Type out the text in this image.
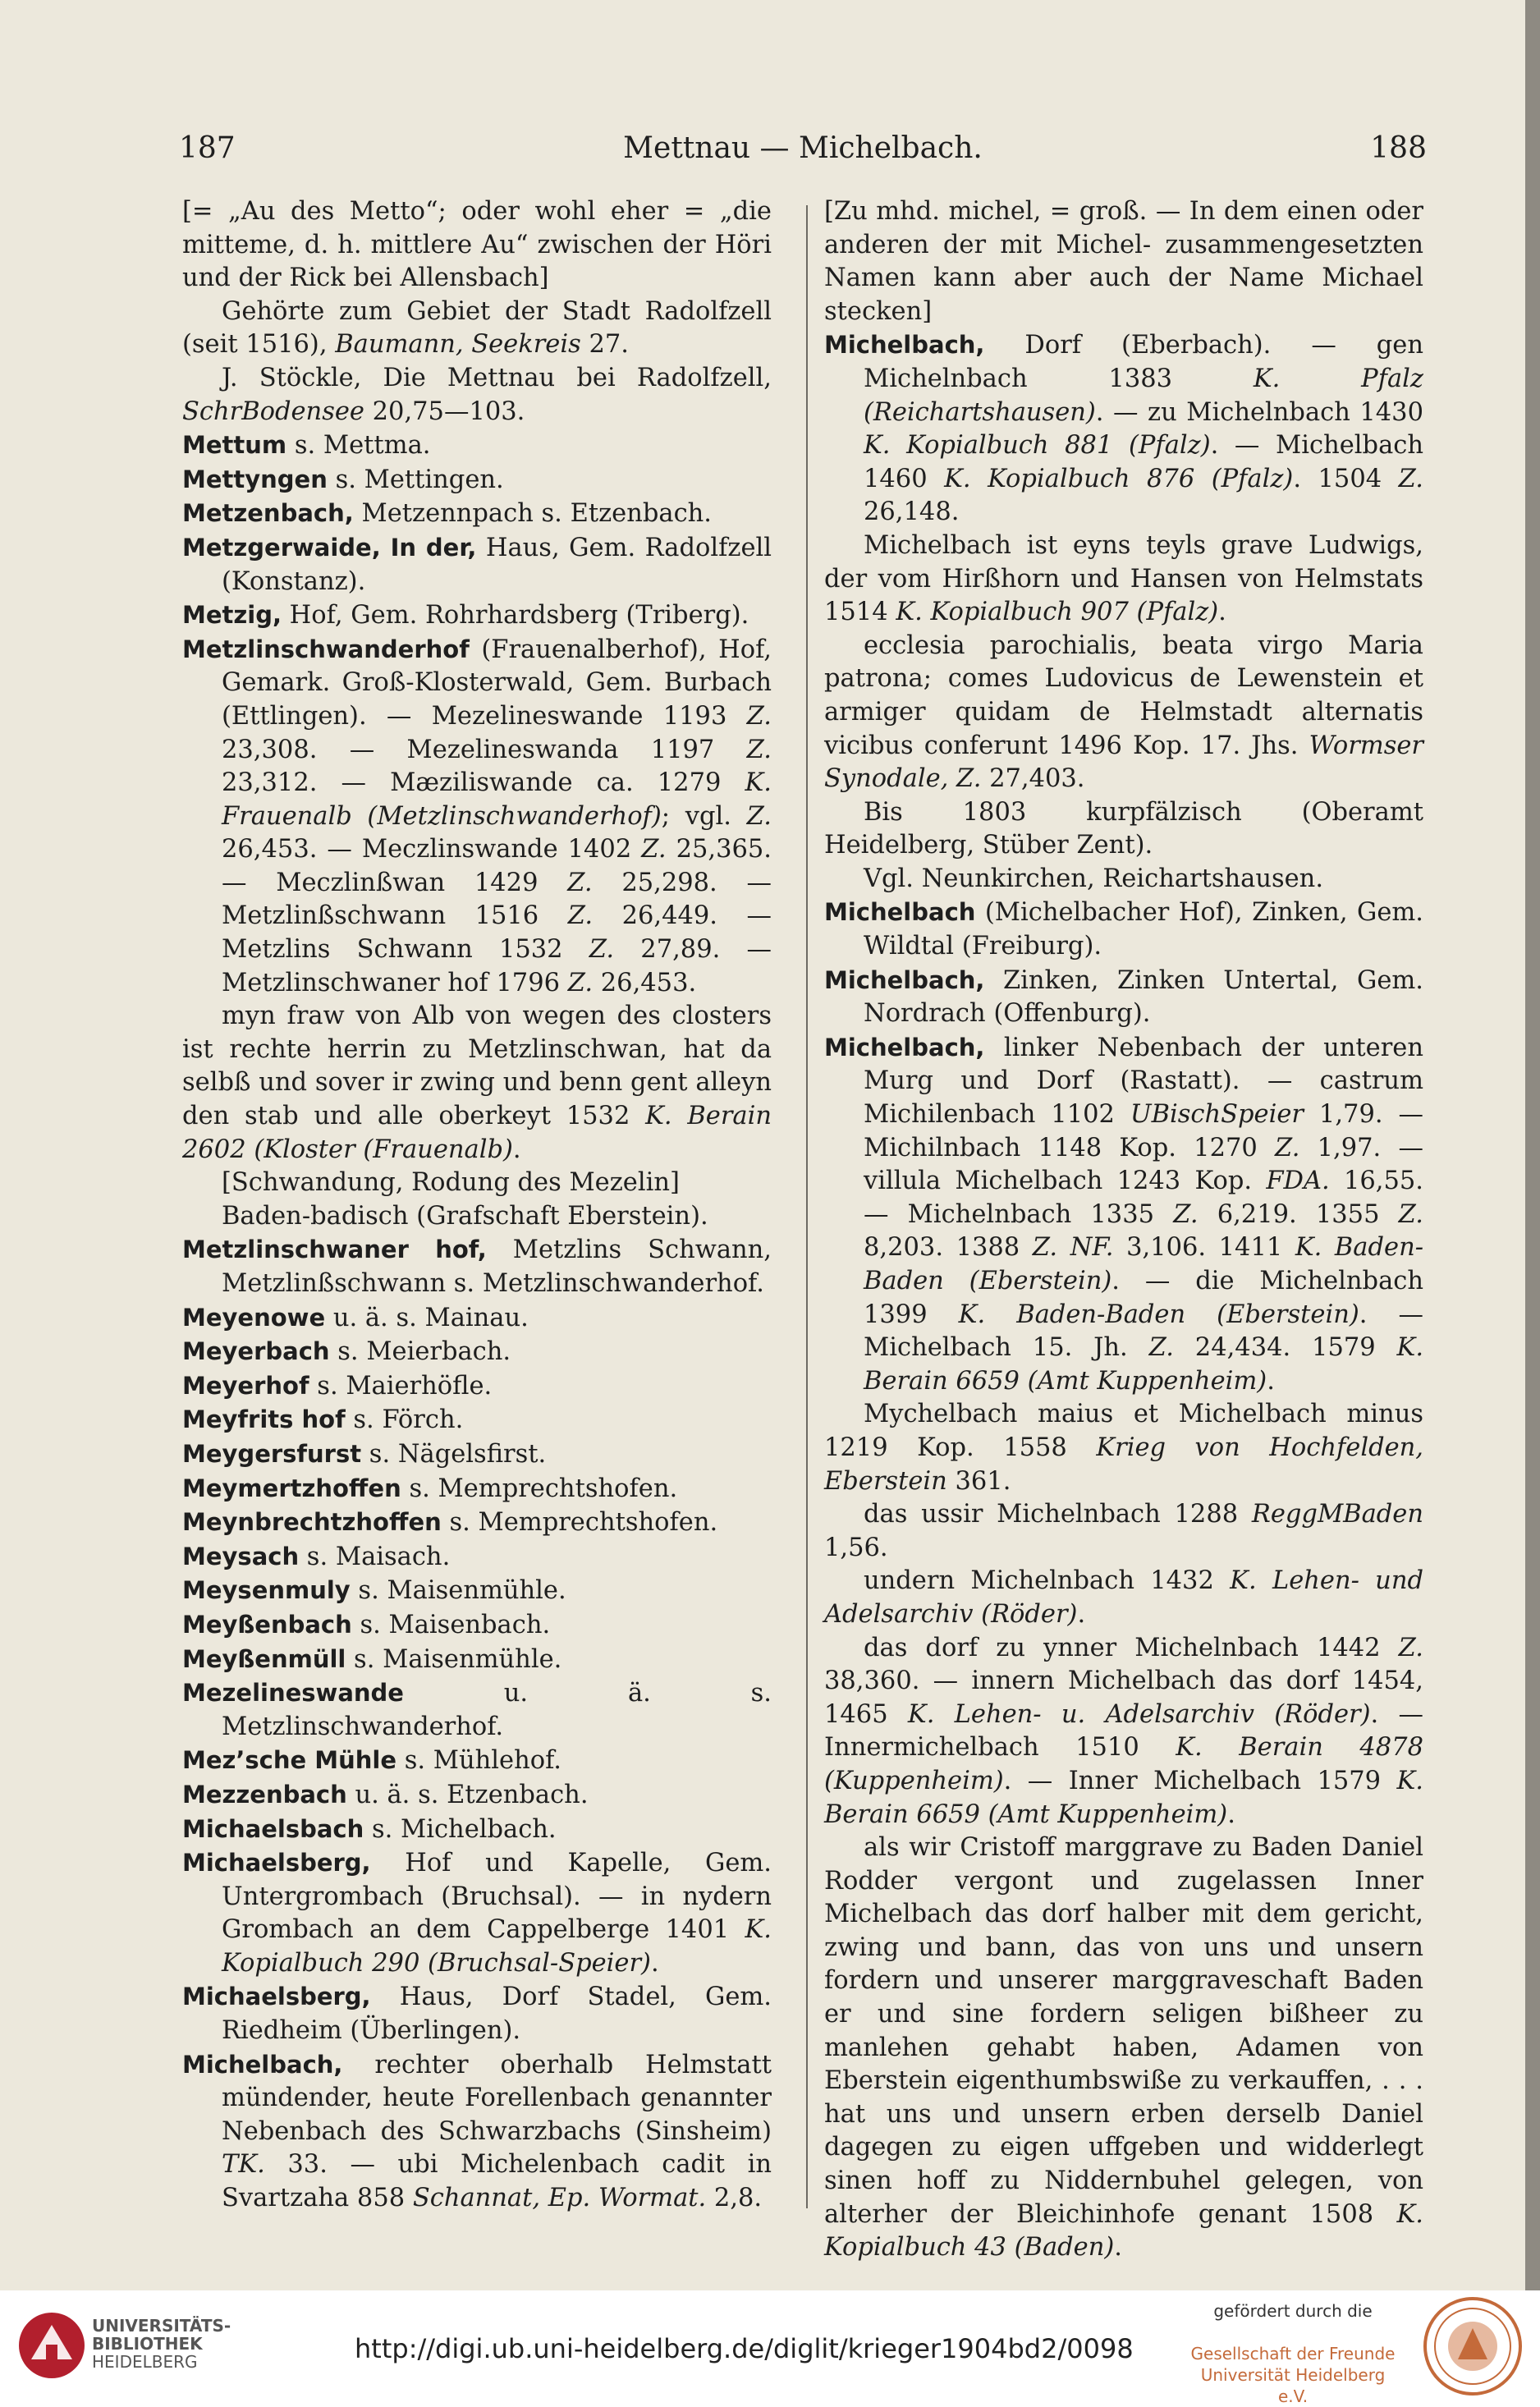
187	Mettnau — Michelbach.	188

[= „Au des Metto“; oder wohl eher = „die mitteme, d. h. mittlere Au“ zwischen der Höri und der Rick bei Allensbach]

Gehörte zum Gebiet der Stadt Radolfzell (seit 1516), Baumann, Seekreis 27.

J. Stöckle, Die Mettnau bei Radolfzell, SchrBodensee 20,75—103.

Mettum s. Mettma.

Mettyngen s. Mettingen.

Metzenbach, Metzennpach s. Etzenbach.

Metzgerwaide, In der, Haus, Gem. Radolfzell (Konstanz).

Metzig, Hof, Gem. Rohrhardsberg (Triberg).

Metzlinschwanderhof (Frauenalberhof), Hof, Gemark. Groß-Klosterwald, Gem. Burbach (Ettlingen). — Mezelineswande 1193 Z. 23,308. — Mezelineswanda 1197 Z. 23,312. — Mæziliswande ca. 1279 K. Frauenalb (Metzlinschwanderhof); vgl. Z. 26,453. — Meczlinswande 1402 Z. 25,365. — Meczlinßwan 1429 Z. 25,298. — Metzlinßschwann 1516 Z. 26,449. — Metzlins Schwann 1532 Z. 27,89. — Metzlinschwaner hof 1796 Z. 26,453.

myn fraw von Alb von wegen des closters ist rechte herrin zu Metzlinschwan, hat da selbß und sover ir zwing und benn gent alleyn den stab und alle oberkeyt 1532 K. Berain 2602 (Kloster (Frauenalb).

[Schwandung, Rodung des Mezelin]

Baden-badisch (Grafschaft Eberstein).

Metzlinschwaner hof, Metzlins Schwann, Metzlinßschwann s. Metzlinschwanderhof.

Meyenowe u. ä. s. Mainau.

Meyerbach s. Meierbach.

Meyerhof s. Maierhöfle.

Meyfrits hof s. Förch.

Meygersfurst s. Nägelsfirst.

Meymertzhoffen s. Memprechtshofen.

Meynbrechtzhoffen s. Memprechtshofen.

Meysach s. Maisach.

Meysenmuly s. Maisenmühle.

Meyßenbach s. Maisenbach.

Meyßenmüll s. Maisenmühle.

Mezelineswande u. ä. s. Metzlinschwanderhof.

Mez’sche Mühle s. Mühlehof.

Mezzenbach u. ä. s. Etzenbach.

Michaelsbach s. Michelbach.

Michaelsberg, Hof und Kapelle, Gem. Untergrombach (Bruchsal). — in nydern Grombach an dem Cappelberge 1401 K. Kopialbuch 290 (Bruchsal-Speier).

Michaelsberg, Haus, Dorf Stadel, Gem. Riedheim (Überlingen).

Michelbach, rechter oberhalb Helmstatt mündender, heute Forellenbach genannter Nebenbach des Schwarzbachs (Sinsheim) TK. 33. — ubi Michelenbach cadit in Svartzaha 858 Schannat, Ep. Wormat. 2,8.

[Zu mhd. michel, = groß. — In dem einen oder anderen der mit Michel- zusammengesetzten Namen kann aber auch der Name Michael stecken]

Michelbach, Dorf (Eberbach). — gen Michelnbach 1383 K. Pfalz (Reichartshausen). — zu Michelnbach 1430 K. Kopialbuch 881 (Pfalz). — Michelbach 1460 K. Kopialbuch 876 (Pfalz). 1504 Z. 26,148.

Michelbach ist eyns teyls grave Ludwigs, der vom Hirßhorn und Hansen von Helmstats 1514 K. Kopialbuch 907 (Pfalz).

ecclesia parochialis, beata virgo Maria patrona; comes Ludovicus de Lewenstein et armiger quidam de Helmstadt alternatis vicibus conferunt 1496 Kop. 17. Jhs. Wormser Synodale, Z. 27,403.

Bis 1803 kurpfälzisch (Oberamt Heidelberg, Stüber Zent).

Vgl. Neunkirchen, Reichartshausen.

Michelbach (Michelbacher Hof), Zinken, Gem. Wildtal (Freiburg).

Michelbach, Zinken, Zinken Untertal, Gem. Nordrach (Offenburg).

Michelbach, linker Nebenbach der unteren Murg und Dorf (Rastatt). — castrum Michilenbach 1102 UBischSpeier 1,79. — Michilnbach 1148 Kop. 1270 Z. 1,97. — villula Michelbach 1243 Kop. FDA. 16,55. — Michelnbach 1335 Z. 6,219. 1355 Z. 8,203. 1388 Z. NF. 3,106. 1411 K. Baden-Baden (Eberstein). — die Michelnbach 1399 K. Baden-Baden (Eberstein). — Michelbach 15. Jh. Z. 24,434. 1579 K. Berain 6659 (Amt Kuppenheim).

Mychelbach maius et Michelbach minus 1219 Kop. 1558 Krieg von Hochfelden, Eberstein 361.

das ussir Michelnbach 1288 ReggMBaden 1,56.

undern Michelnbach 1432 K. Lehen- und Adelsarchiv (Röder).

das dorf zu ynner Michelnbach 1442 Z. 38,360. — innern Michelbach das dorf 1454, 1465 K. Lehen- u. Adelsarchiv (Röder). — Innermichelbach 1510 K. Berain 4878 (Kuppenheim). — Inner Michelbach 1579 K. Berain 6659 (Amt Kuppenheim).

als wir Cristoff marggrave zu Baden Daniel Rodder vergont und zugelassen Inner Michelbach das dorf halber mit dem gericht, zwing und bann, das von uns und unsern fordern und unserer marggraveschaft Baden er und sine fordern seligen bißheer zu manlehen gehabt haben, Adamen von Eberstein eigenthumbswiße zu verkauffen, . . . hat uns und unsern erben derselb Daniel dagegen zu eigen uffgeben und widderlegt sinen hoff zu Niddernbuhel gelegen, von alterher der Bleichinhofe genant 1508 K. Kopialbuch 43 (Baden).

UNIVERSITÄTS-
BIBLIOTHEK
HEIDELBERG	http://digi.ub.uni-heidelberg.de/diglit/krieger1904bd2/0098
gefördert durch die
Gesellschaft der Freunde
Universität Heidelberg e.V.
